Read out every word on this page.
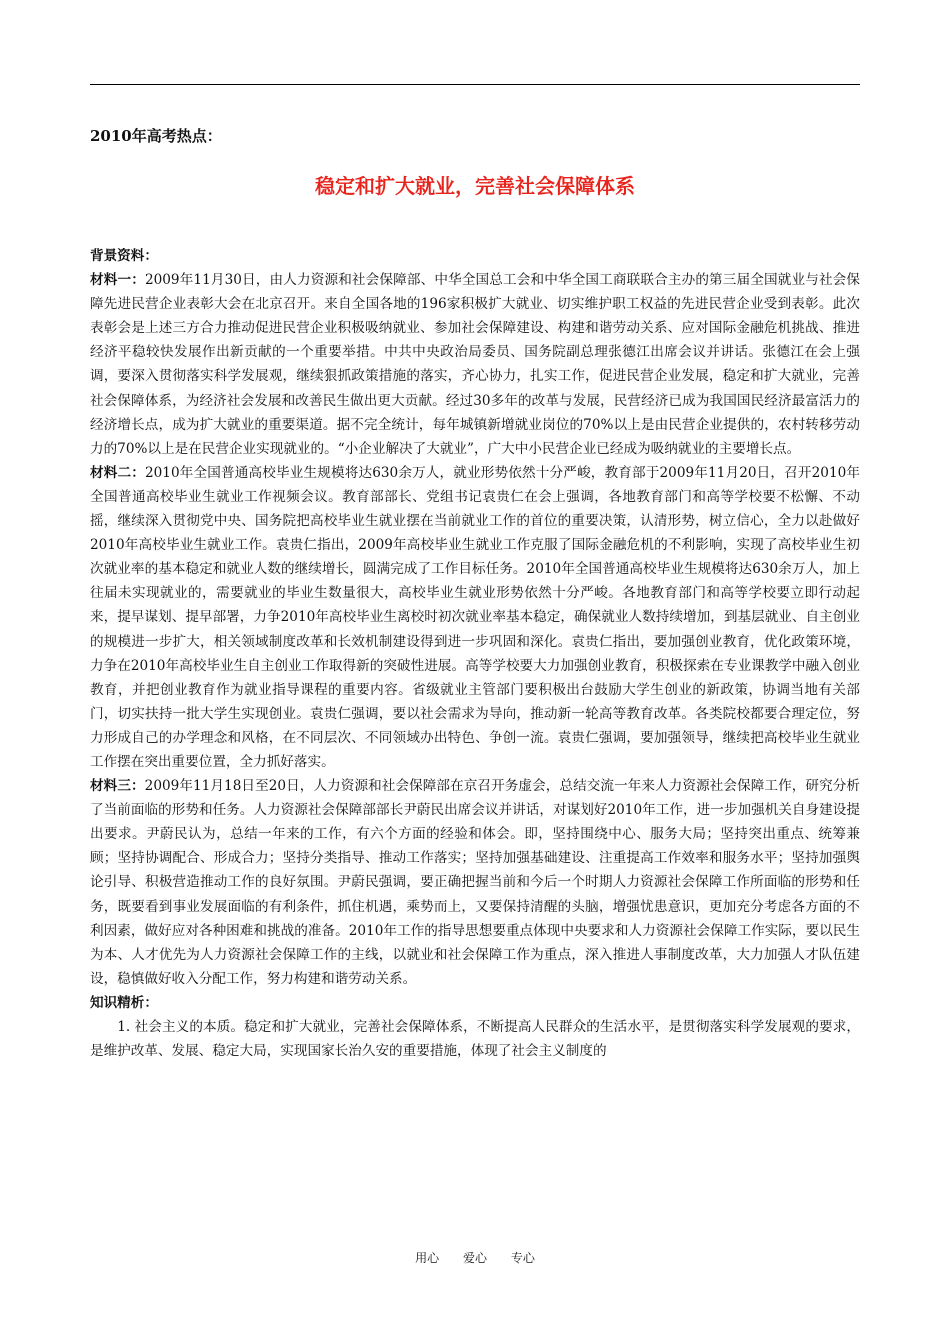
2010年高考热点：
稳定和扩大就业，完善社会保障体系

背景资料：

材料一：2009年11月30日，由人力资源和社会保障部、中华全国总工会和中华全国工商联联合主办的第三届全国就业与社会保障先进民营企业表彰大会在北京召开。来自全国各地的196家积极扩大就业、切实维护职工权益的先进民营企业受到表彰。此次表彰会是上述三方合力推动促进民营企业积极吸纳就业、参加社会保障建设、构建和谐劳动关系、应对国际金融危机挑战、推进经济平稳较快发展作出新贡献的一个重要举措。中共中央政治局委员、国务院副总理张德江出席会议并讲话。张德江在会上强调，要深入贯彻落实科学发展观，继续狠抓政策措施的落实，齐心协力，扎实工作，促进民营企业发展，稳定和扩大就业，完善社会保障体系，为经济社会发展和改善民生做出更大贡献。经过30多年的改革与发展，民营经济已成为我国国民经济最富活力的经济增长点，成为扩大就业的重要渠道。据不完全统计，每年城镇新增就业岗位的70%以上是由民营企业提供的，农村转移劳动力的70%以上是在民营企业实现就业的。“小企业解决了大就业”，广大中小民营企业已经成为吸纳就业的主要增长点。

材料二：2010年全国普通高校毕业生规模将达630余万人，就业形势依然十分严峻，教育部于2009年11月20日，召开2010年全国普通高校毕业生就业工作视频会议。教育部部长、党组书记袁贵仁在会上强调，各地教育部门和高等学校要不松懈、不动摇，继续深入贯彻党中央、国务院把高校毕业生就业摆在当前就业工作的首位的重要决策，认清形势，树立信心，全力以赴做好2010年高校毕业生就业工作。袁贵仁指出，2009年高校毕业生就业工作克服了国际金融危机的不利影响，实现了高校毕业生初次就业率的基本稳定和就业人数的继续增长，圆满完成了工作目标任务。2010年全国普通高校毕业生规模将达630余万人，加上往届未实现就业的，需要就业的毕业生数量很大，高校毕业生就业形势依然十分严峻。各地教育部门和高等学校要立即行动起来，提早谋划、提早部署，力争2010年高校毕业生离校时初次就业率基本稳定，确保就业人数持续增加，到基层就业、自主创业的规模进一步扩大，相关领域制度改革和长效机制建设得到进一步巩固和深化。袁贵仁指出，要加强创业教育，优化政策环境，力争在2010年高校毕业生自主创业工作取得新的突破性进展。高等学校要大力加强创业教育，积极探索在专业课教学中融入创业教育，并把创业教育作为就业指导课程的重要内容。省级就业主管部门要积极出台鼓励大学生创业的新政策，协调当地有关部门，切实扶持一批大学生实现创业。袁贵仁强调，要以社会需求为导向，推动新一轮高等教育改革。各类院校都要合理定位，努力形成自己的办学理念和风格，在不同层次、不同领域办出特色、争创一流。袁贵仁强调，要加强领导，继续把高校毕业生就业工作摆在突出重要位置，全力抓好落实。

材料三：2009年11月18日至20日，人力资源和社会保障部在京召开务虚会，总结交流一年来人力资源社会保障工作，研究分析了当前面临的形势和任务。人力资源社会保障部部长尹蔚民出席会议并讲话，对谋划好2010年工作，进一步加强机关自身建设提出要求。尹蔚民认为，总结一年来的工作，有六个方面的经验和体会。即，坚持围绕中心、服务大局；坚持突出重点、统筹兼顾；坚持协调配合、形成合力；坚持分类指导、推动工作落实；坚持加强基础建设、注重提高工作效率和服务水平；坚持加强舆论引导、积极营造推动工作的良好氛围。尹蔚民强调，要正确把握当前和今后一个时期人力资源社会保障工作所面临的形势和任务，既要看到事业发展面临的有利条件，抓住机遇，乘势而上，又要保持清醒的头脑，增强忧患意识，更加充分考虑各方面的不利因素，做好应对各种困难和挑战的准备。2010年工作的指导思想要重点体现中央要求和人力资源社会保障工作实际，要以民生为本、人才优先为人力资源社会保障工作的主线，以就业和社会保障工作为重点，深入推进人事制度改革，大力加强人才队伍建设，稳慎做好收入分配工作，努力构建和谐劳动关系。

知识精析：

1. 社会主义的本质。稳定和扩大就业，完善社会保障体系，不断提高人民群众的生活水平，是贯彻落实科学发展观的要求，是维护改革、发展、稳定大局，实现国家长治久安的重要措施，体现了社会主义制度的

用心 爱心 专心
